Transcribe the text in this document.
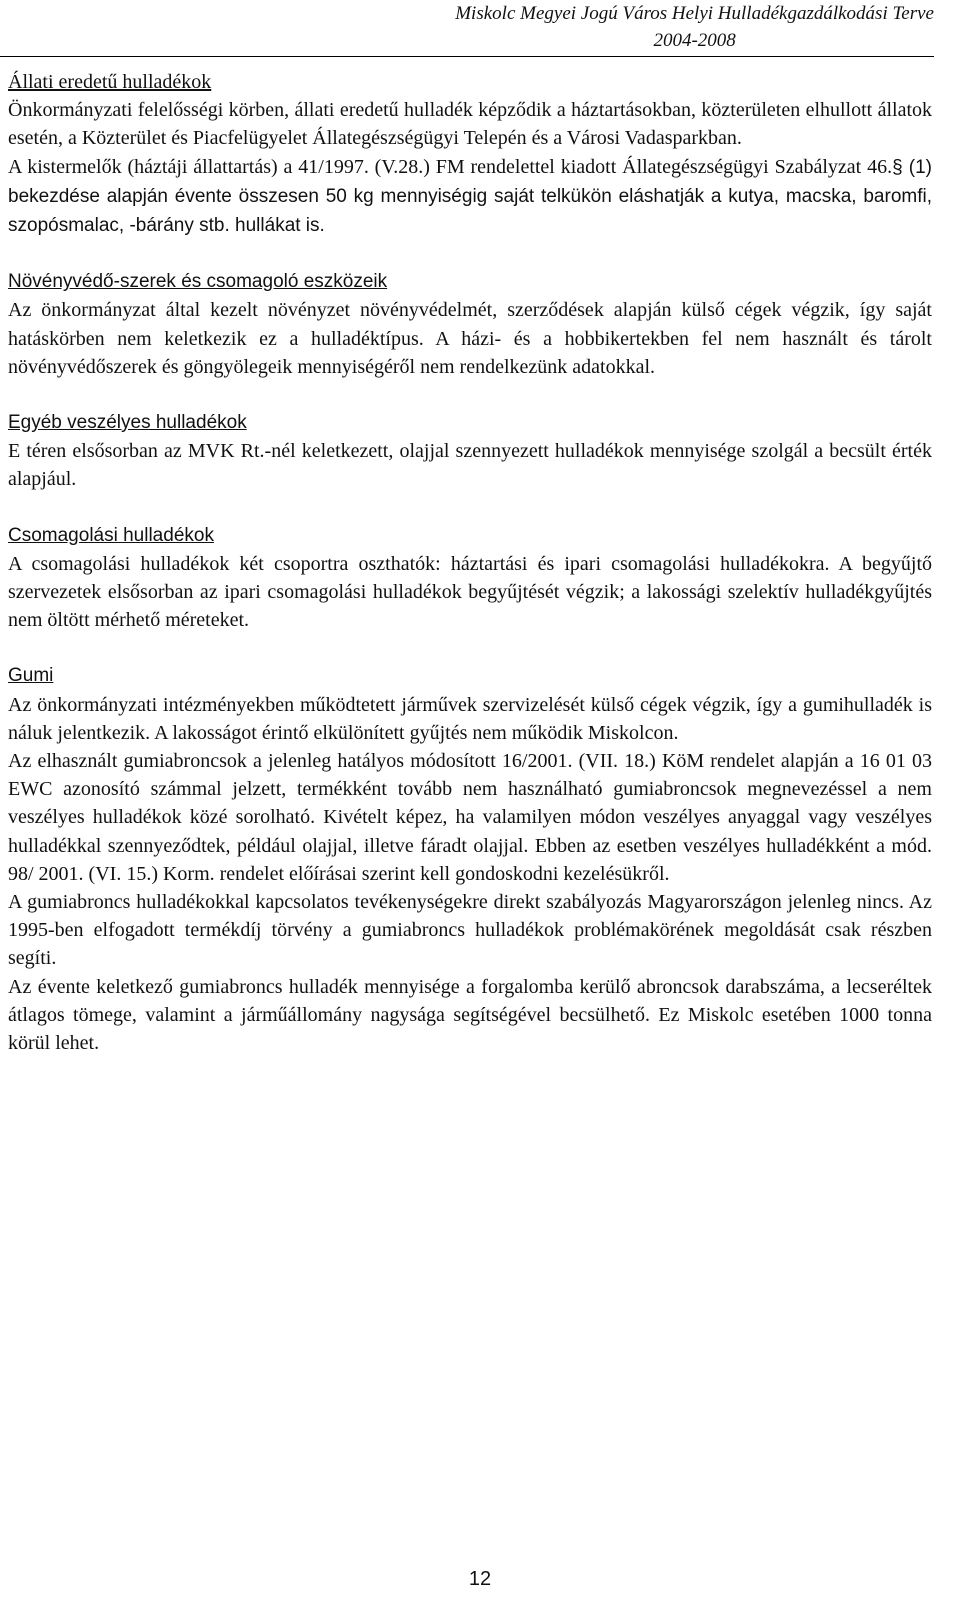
Miskolc Megyei Jogú Város Helyi Hulladékgazdálkodási Terve
2004-2008
Állati eredetű hulladékok

Önkormányzati felelősségi körben, állati eredetű hulladék képződik a háztartásokban, közterületen elhullott állatok esetén, a Közterület és Piacfelügyelet Állategészségügyi Telepén és a Városi Vadasparkban.

A kistermelők (háztáji állattartás) a 41/1997. (V.28.) FM rendelettel kiadott Állategészségügyi Szabályzat 46.§ (1) bekezdése alapján évente összesen 50 kg mennyiségig saját telkükön eláshatják a kutya, macska, baromfi, szopósmalac, -bárány stb. hullákat is.

Növényvédő-szerek és csomagoló eszközeik

Az önkormányzat által kezelt növényzet növényvédelmét, szerződések alapján külső cégek végzik, így saját hatáskörben nem keletkezik ez a hulladéktípus. A házi- és a hobbikertekben fel nem használt és tárolt növényvédőszerek és göngyölegeik mennyiségéről nem rendelkezünk adatokkal.

Egyéb veszélyes hulladékok

E téren elsősorban az MVK Rt.-nél keletkezett, olajjal szennyezett hulladékok mennyisége szolgál a becsült érték alapjául.

Csomagolási hulladékok

A csomagolási hulladékok két csoportra oszthatók: háztartási és ipari csomagolási hulladékokra. A begyűjtő szervezetek elsősorban az ipari csomagolási hulladékok begyűjtését végzik; a lakossági szelektív hulladékgyűjtés nem öltött mérhető méreteket.

Gumi

Az önkormányzati intézményekben működtetett járművek szervizelését külső cégek végzik, így a gumihulladék is náluk jelentkezik. A lakosságot érintő elkülönített gyűjtés nem működik Miskolcon.

Az elhasznált gumiabroncsok a jelenleg hatályos módosított 16/2001. (VII. 18.) KöM rendelet alapján a 16 01 03 EWC azonosító számmal jelzett, termékként tovább nem használható gumiabroncsok megnevezéssel a nem veszélyes hulladékok közé sorolható. Kivételt képez, ha valamilyen módon veszélyes anyaggal vagy veszélyes hulladékkal szennyeződtek, például olajjal, illetve fáradt olajjal. Ebben az esetben veszélyes hulladékként a mód. 98/ 2001. (VI. 15.) Korm. rendelet előírásai szerint kell gondoskodni kezelésükről.

A gumiabroncs hulladékokkal kapcsolatos tevékenységekre direkt szabályozás Magyarországon jelenleg nincs. Az 1995-ben elfogadott termékdíj törvény a gumiabroncs hulladékok problémakörének megoldását csak részben segíti.

Az évente keletkező gumiabroncs hulladék mennyisége a forgalomba kerülő abroncsok darabszáma, a lecseréltek átlagos tömege, valamint a járműállomány nagysága segítségével becsülhető. Ez Miskolc esetében 1000 tonna körül lehet.

12
